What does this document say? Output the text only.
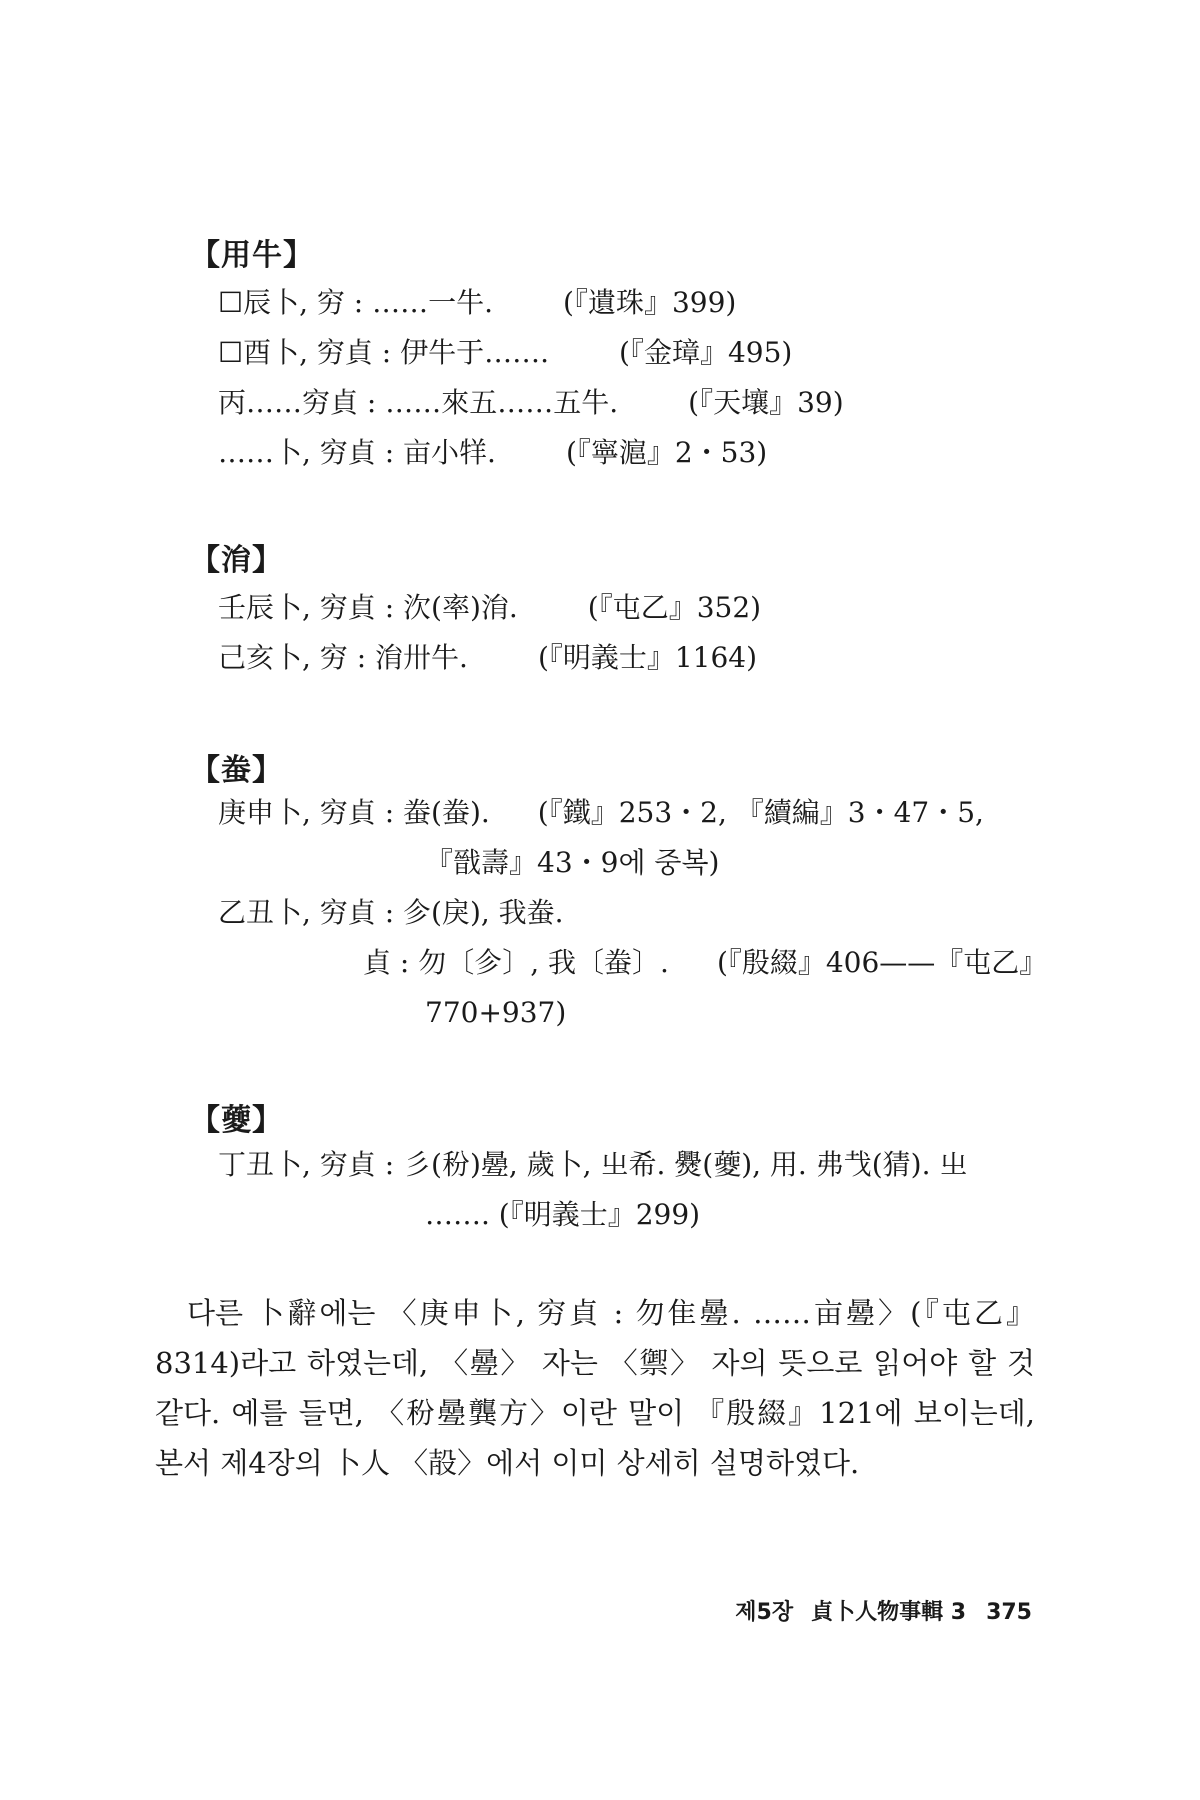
【用牛】
☐辰卜, 穷 : ……一牛.	(『遺珠』399)
☐酉卜, 穷貞 : 伊牛于…….	(『金璋』495)
丙……穷貞 : ……來五……五牛.	(『天壤』39)
……卜, 穷貞 : 亩小䍧.	(『寧滬』2・53)
【㳙】
壬辰卜, 穷貞 : 㳄(率)㳙.	(『屯乙』352)
己亥卜, 穷 : 㳙卅牛.	(『明義士』1164)
【䖭】
庚申卜, 穷貞 : 䖭(䖭). (『鐵』253・2, 『續編』3・47・5,
『戩壽』43・9에 중복)
乙丑卜, 穷貞 : 㐱(戾), 我䖭.
貞 : 勿〔㐱〕, 我〔䖭〕. (『殷綴』406——『屯乙』
770+937)
【䕫】
丁丑卜, 穷貞 : 彡(秎)㬪, 歲卜, 㞢希. 㸑(䕫), 用. 弗𢦏(猜). 㞢
……. (『明義士』299)
다른 卜辭에는 〈庚申卜, 穷貞 : 勿隹㬪. ……亩㬪〉(『屯乙』8314)라고 하였는데, 〈㬪〉 자는 〈禦〉 자의 뜻으로 읽어야 할 것 같다. 예를 들면, 〈秎㬪龔方〉이란 말이 『殷綴』121에 보이는데, 본서 제4장의 卜人 〈㱿〉에서 이미 상세히 설명하였다.
제5장 貞卜人物事輯 3 375
